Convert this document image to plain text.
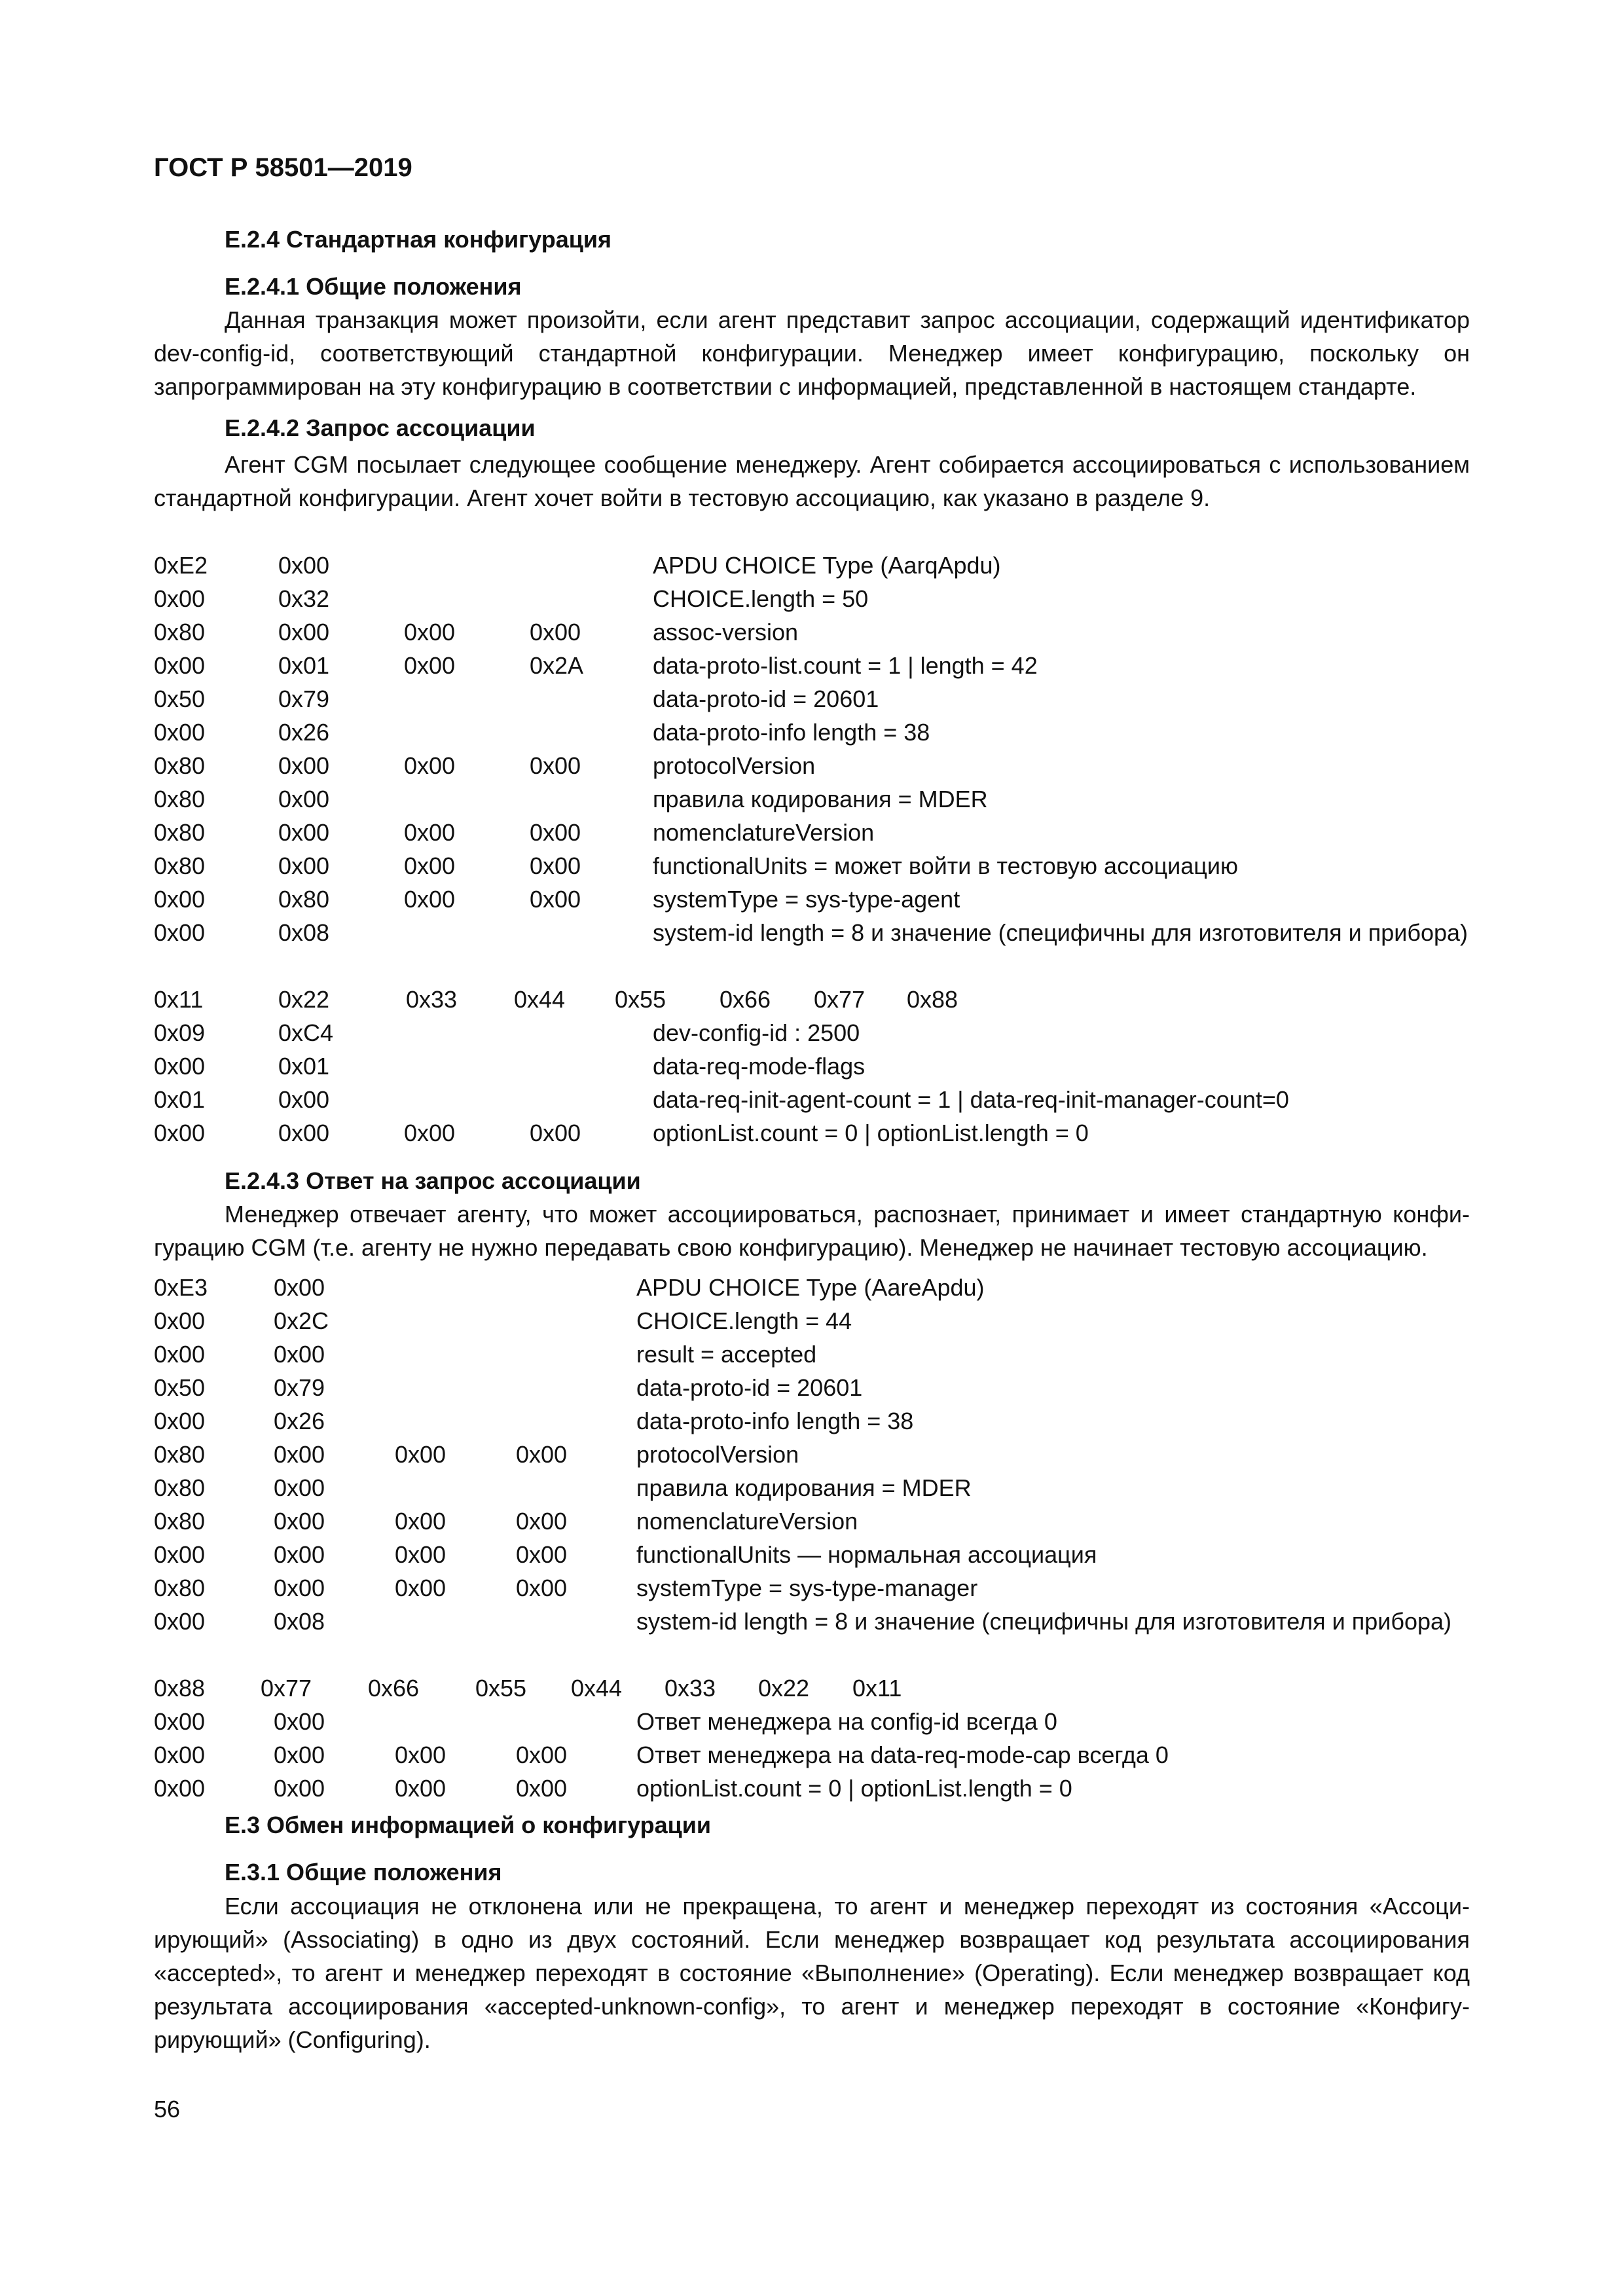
ГОСТ Р 58501—2019
Е.2.4 Стандартная конфигурация
Е.2.4.1 Общие положения

Данная транзакция может произойти, если агент представит запрос ассоциации, содержащий идентификатор dev-config-id, соответствующий стандартной конфигурации. Менеджер имеет конфигурацию, поскольку он запрограммирован на эту конфигурацию в соответствии с информацией, представленной в настоящем стандарте.

Е.2.4.2 Запрос ассоциации

Агент CGM посылает следующее сообщение менеджеру. Агент собирается ассоциироваться с использованием стандартной конфигурации. Агент хочет войти в тестовую ассоциацию, как указано в разделе 9.

0xE2	0x00	APDU CHOICE Type (AarqApdu)
0x00	0x32	CHOICE.length = 50
0x80	0x00	0x00	0x00	assoc-version
0x00	0x01	0x00	0x2A	data-proto-list.count = 1 | length = 42
0x50	0x79	data-proto-id = 20601
0x00	0x26	data-proto-info length = 38
0x80	0x00	0x00	0x00	protocolVersion
0x80	0x00	правила кодирования = MDER
0x80	0x00	0x00	0x00	nomenclatureVersion
0x80	0x00	0x00	0x00	functionalUnits = может войти в тестовую ассоциацию
0x00	0x80	0x00	0x00	systemType = sys-type-agent
0x00	0x08	system-id length = 8 и значение (специфичны для изготовителя и прибора)
0x11	0x22	0x33 0x44 0x55 0x66 0x77 0x88
0x09	0xC4	dev-config-id : 2500
0x00	0x01	data-req-mode-flags
0x01	0x00	data-req-init-agent-count = 1 | data-req-init-manager-count=0
0x00	0x00	0x00	0x00	optionList.count = 0 | optionList.length = 0
Е.2.4.3 Ответ на запрос ассоциации

Менеджер отвечает агенту, что может ассоциироваться, распознает, принимает и имеет стандартную конфигурацию CGM (т.е. агенту не нужно передавать свою конфигурацию). Менеджер не начинает тестовую ассоциацию.

0xE3	0x00	APDU CHOICE Type (AareApdu)
0x00	0x2C	CHOICE.length = 44
0x00	0x00	result = accepted
0x50	0x79	data-proto-id = 20601
0x00	0x26	data-proto-info length = 38
0x80	0x00	0x00	0x00	protocolVersion
0x80	0x00	правила кодирования = MDER
0x80	0x00	0x00	0x00	nomenclatureVersion
0x00	0x00	0x00	0x00	functionalUnits — нормальная ассоциация
0x80	0x00	0x00	0x00	systemType = sys-type-manager
0x00	0x08	system-id length = 8 и значение (специфичны для изготовителя и прибора)
0x88 0x77 0x66 0x55 0x44 0x33 0x22 0x11
0x00	0x00	Ответ менеджера на config-id всегда 0
0x00	0x00	0x00	0x00	Ответ менеджера на data-req-mode-cap всегда 0
0x00	0x00	0x00	0x00	optionList.count = 0 | optionList.length = 0
Е.3 Обмен информацией о конфигурации
Е.3.1 Общие положения

Если ассоциация не отклонена или не прекращена, то агент и менеджер переходят из состояния «Ассоциирующий» (Associating) в одно из двух состояний. Если менеджер возвращает код результата ассоциирования «accepted», то агент и менеджер переходят в состояние «Выполнение» (Operating). Если менеджер возвращает код результата ассоциирования «accepted-unknown-config», то агент и менеджер переходят в состояние «Конфигурирующий» (Configuring).

56
